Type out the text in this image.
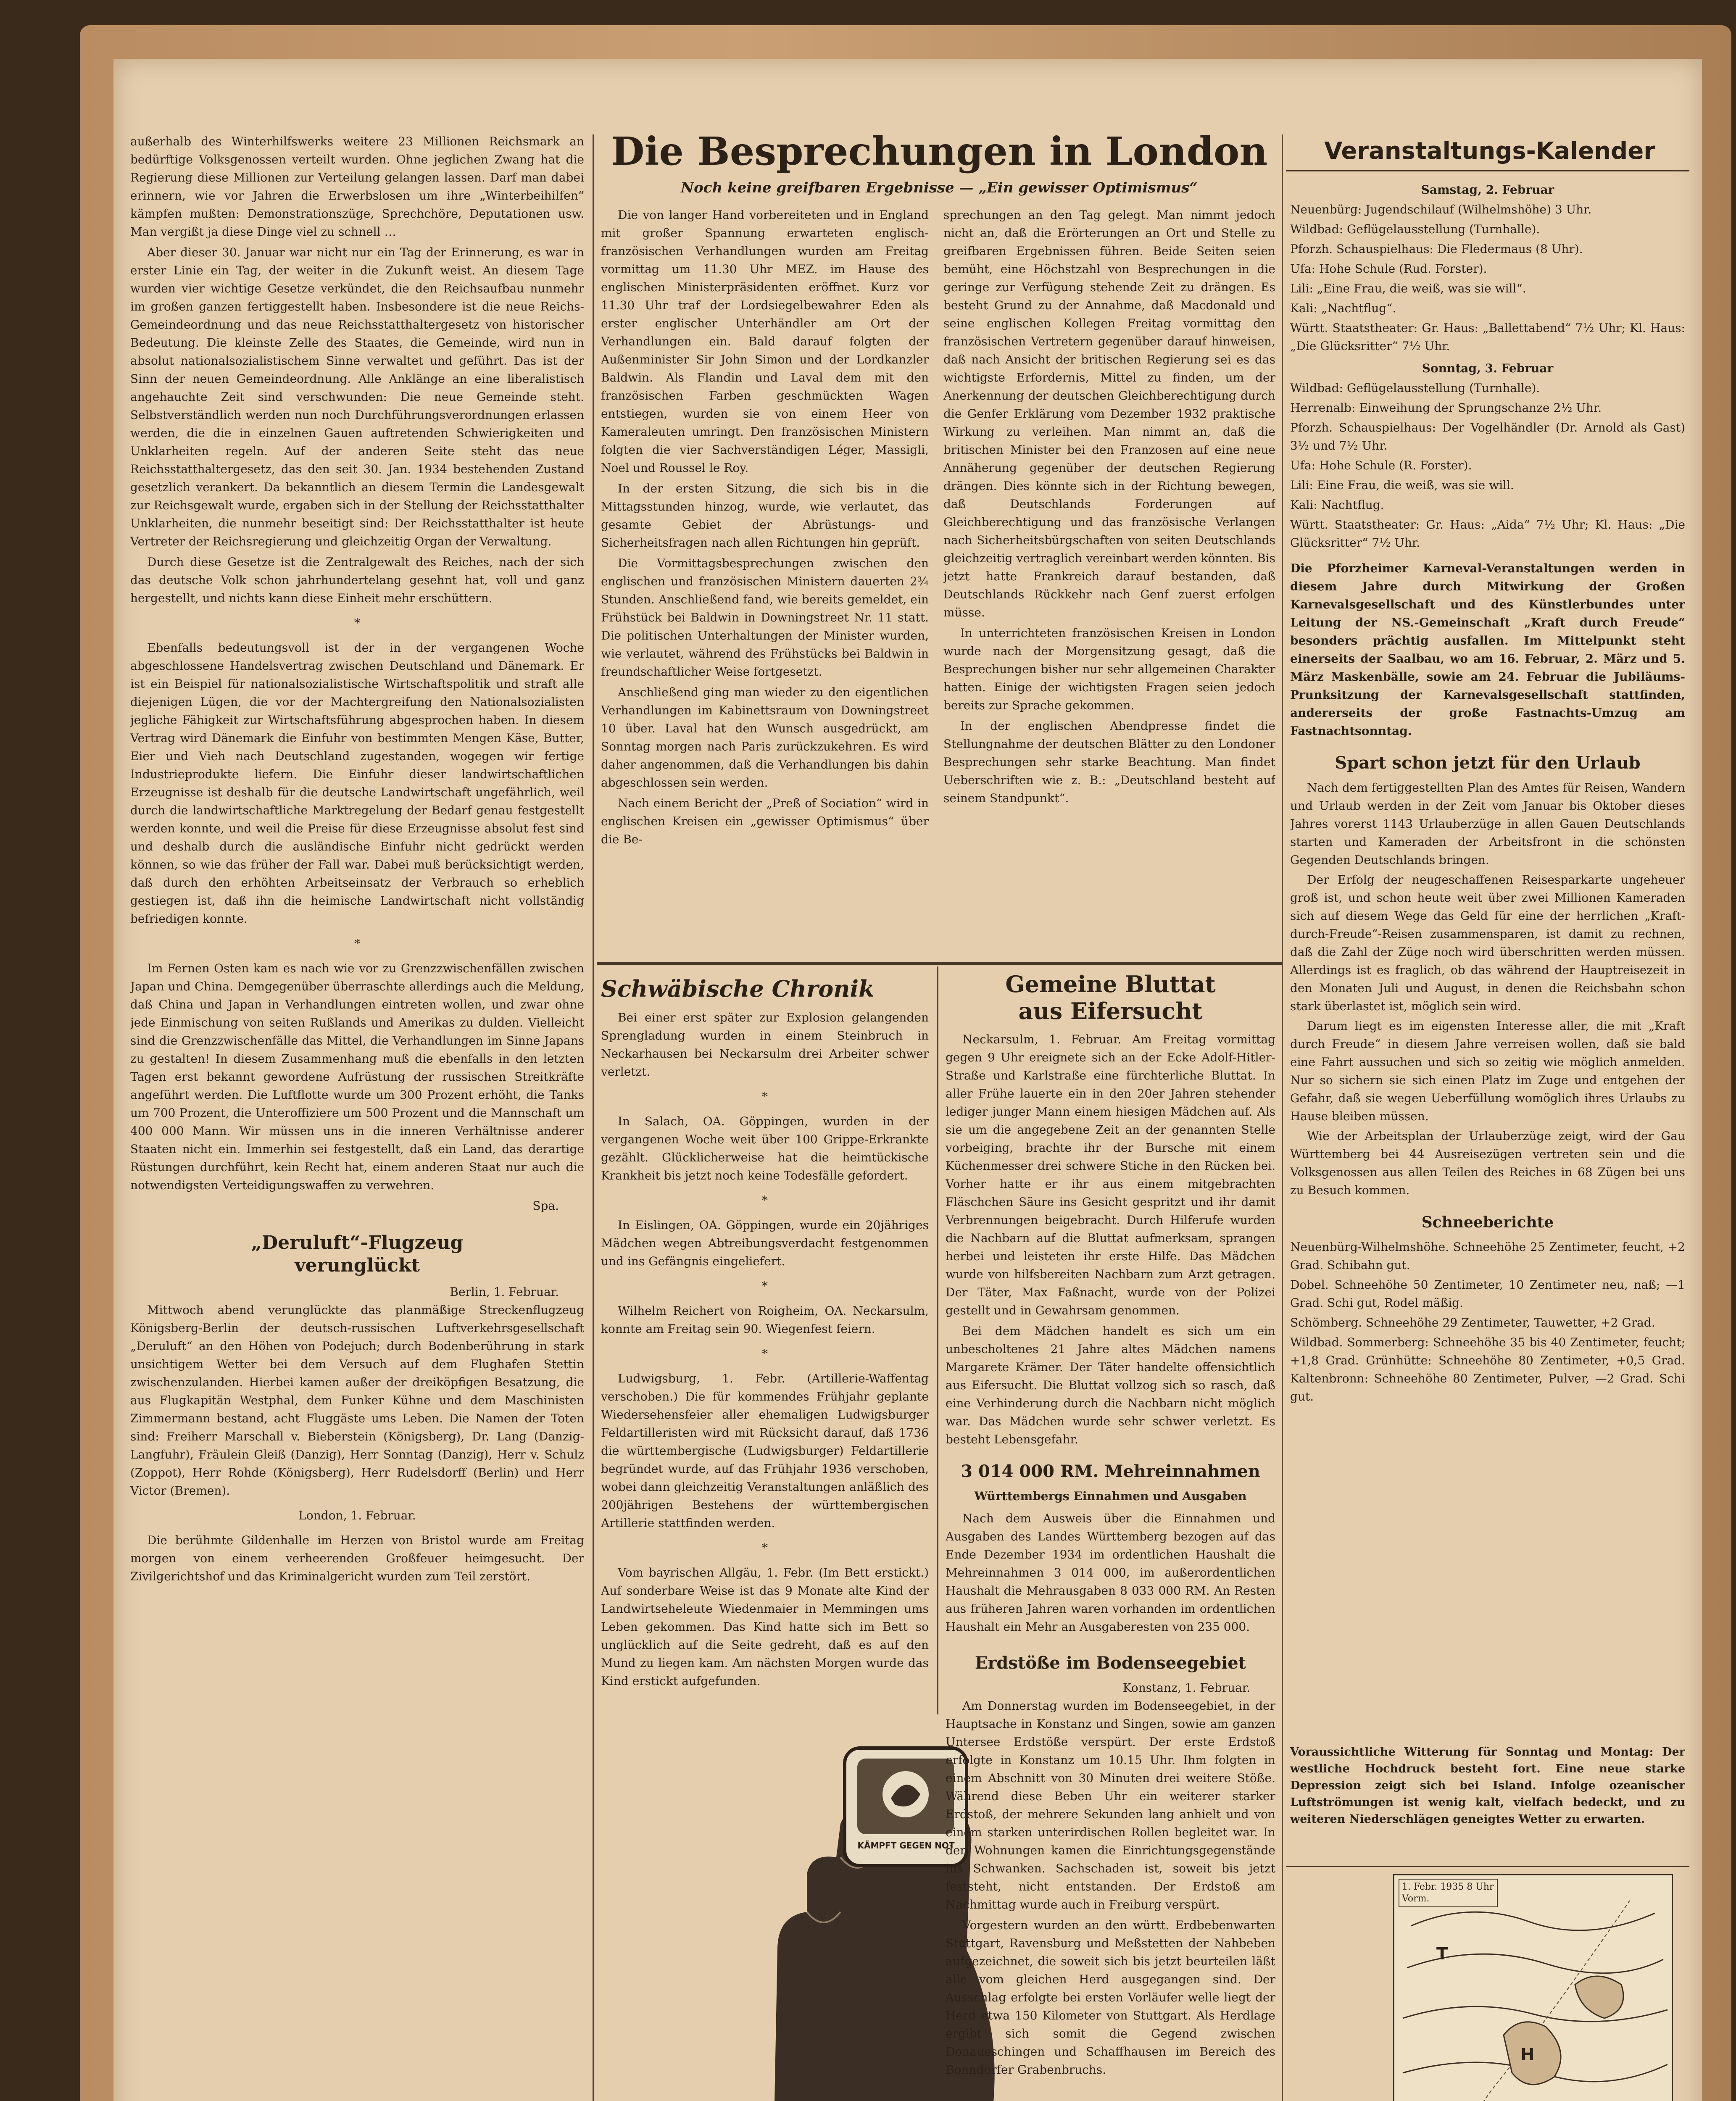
außerhalb des Winterhilfswerks weitere 23 Millionen Reichsmark an bedürftige Volksgenossen verteilt wurden. Ohne jeglichen Zwang hat die Regierung diese Millionen zur Verteilung gelangen lassen. Darf man dabei erinnern, wie vor Jahren die Erwerbslosen um ihre „Winterbeihilfen“ kämpfen mußten: Demonstrationszüge, Sprechchöre, Deputationen usw. Man vergißt ja diese Dinge viel zu schnell …

Aber dieser 30. Januar war nicht nur ein Tag der Erinnerung, es war in erster Linie ein Tag, der weiter in die Zukunft weist. An diesem Tage wurden vier wichtige Gesetze verkündet, die den Reichsaufbau nunmehr im großen ganzen fertiggestellt haben. Insbesondere ist die neue Reichs-Gemeindeordnung und das neue Reichsstatthaltergesetz von historischer Bedeutung. Die kleinste Zelle des Staates, die Gemeinde, wird nun in absolut nationalsozialistischem Sinne verwaltet und geführt. Das ist der Sinn der neuen Gemeindeordnung. Alle Anklänge an eine liberalistisch angehauchte Zeit sind verschwunden: Die neue Gemeinde steht. Selbstverständlich werden nun noch Durchführungsverordnungen erlassen werden, die die in einzelnen Gauen auftretenden Schwierigkeiten und Unklarheiten regeln. Auf der anderen Seite steht das neue Reichsstatthaltergesetz, das den seit 30. Jan. 1934 bestehenden Zustand gesetzlich verankert. Da bekanntlich an diesem Termin die Landesgewalt zur Reichsgewalt wurde, ergaben sich in der Stellung der Reichsstatthalter Unklarheiten, die nunmehr beseitigt sind: Der Reichsstatthalter ist heute Vertreter der Reichsregierung und gleichzeitig Organ der Verwaltung.

Durch diese Gesetze ist die Zentralgewalt des Reiches, nach der sich das deutsche Volk schon jahrhundertelang gesehnt hat, voll und ganz hergestellt, und nichts kann diese Einheit mehr erschüttern.

*

Ebenfalls bedeutungsvoll ist der in der vergangenen Woche abgeschlossene Handelsvertrag zwischen Deutschland und Dänemark. Er ist ein Beispiel für nationalsozialistische Wirtschaftspolitik und straft alle diejenigen Lügen, die vor der Machtergreifung den Nationalsozialisten jegliche Fähigkeit zur Wirtschaftsführung abgesprochen haben. In diesem Vertrag wird Dänemark die Einfuhr von bestimmten Mengen Käse, Butter, Eier und Vieh nach Deutschland zugestanden, wogegen wir fertige Industrieprodukte liefern. Die Einfuhr dieser landwirtschaftlichen Erzeugnisse ist deshalb für die deutsche Landwirtschaft ungefährlich, weil durch die landwirtschaftliche Marktregelung der Bedarf genau festgestellt werden konnte, und weil die Preise für diese Erzeugnisse absolut fest sind und deshalb durch die ausländische Einfuhr nicht gedrückt werden können, so wie das früher der Fall war. Dabei muß berücksichtigt werden, daß durch den erhöhten Arbeitseinsatz der Verbrauch so erheblich gestiegen ist, daß ihn die heimische Landwirtschaft nicht vollständig befriedigen konnte.

*

Im Fernen Osten kam es nach wie vor zu Grenzzwischenfällen zwischen Japan und China. Demgegenüber überraschte allerdings auch die Meldung, daß China und Japan in Verhandlungen eintreten wollen, und zwar ohne jede Einmischung von seiten Rußlands und Amerikas zu dulden. Vielleicht sind die Grenzzwischenfälle das Mittel, die Verhandlungen im Sinne Japans zu gestalten! In diesem Zusammenhang muß die ebenfalls in den letzten Tagen erst bekannt gewordene Aufrüstung der russischen Streitkräfte angeführt werden. Die Luftflotte wurde um 300 Prozent erhöht, die Tanks um 700 Prozent, die Unteroffiziere um 500 Prozent und die Mannschaft um 400 000 Mann. Wir müssen uns in die inneren Verhältnisse anderer Staaten nicht ein. Immerhin sei festgestellt, daß ein Land, das derartige Rüstungen durchführt, kein Recht hat, einem anderen Staat nur auch die notwendigsten Verteidigungswaffen zu verwehren.

Spa.
„Deruluft“-Flugzeug verunglückt
Berlin, 1. Februar.

Mittwoch abend verunglückte das planmäßige Streckenflugzeug Königsberg-Berlin der deutsch-russischen Luftverkehrsgesellschaft „Deruluft“ an den Höhen von Podejuch; durch Bodenberührung in stark unsichtigem Wetter bei dem Versuch auf dem Flughafen Stettin zwischenzulanden. Hierbei kamen außer der dreiköpfigen Besatzung, die aus Flugkapitän Westphal, dem Funker Kühne und dem Maschinisten Zimmermann bestand, acht Fluggäste ums Leben. Die Namen der Toten sind: Freiherr Marschall v. Bieberstein (Königsberg), Dr. Lang (Danzig-Langfuhr), Fräulein Gleiß (Danzig), Herr Sonntag (Danzig), Herr v. Schulz (Zoppot), Herr Rohde (Königsberg), Herr Rudelsdorff (Berlin) und Herr Victor (Bremen).

London, 1. Februar.

Die berühmte Gildenhalle im Herzen von Bristol wurde am Freitag morgen von einem verheerenden Großfeuer heimgesucht. Der Zivilgerichtshof und das Kriminalgericht wurden zum Teil zerstört.

Die Besprechungen in London
Noch keine greifbaren Ergebnisse — „Ein gewisser Optimismus“

Die von langer Hand vorbereiteten und in England mit großer Spannung erwarteten englisch-französischen Verhandlungen wurden am Freitag vormittag um 11.30 Uhr MEZ. im Hause des englischen Ministerpräsidenten eröffnet. Kurz vor 11.30 Uhr traf der Lordsiegelbewahrer Eden als erster englischer Unterhändler am Ort der Verhandlungen ein. Bald darauf folgten der Außenminister Sir John Simon und der Lordkanzler Baldwin. Als Flandin und Laval dem mit den französischen Farben geschmückten Wagen entstiegen, wurden sie von einem Heer von Kameraleuten umringt. Den französischen Ministern folgten die vier Sachverständigen Léger, Massigli, Noel und Roussel le Roy.

In der ersten Sitzung, die sich bis in die Mittagsstunden hinzog, wurde, wie verlautet, das gesamte Gebiet der Abrüstungs- und Sicherheitsfragen nach allen Richtungen hin geprüft.

Die Vormittagsbesprechungen zwischen den englischen und französischen Ministern dauerten 2¾ Stunden. Anschließend fand, wie bereits gemeldet, ein Frühstück bei Baldwin in Downingstreet Nr. 11 statt. Die politischen Unterhaltungen der Minister wurden, wie verlautet, während des Frühstücks bei Baldwin in freundschaftlicher Weise fortgesetzt.

Anschließend ging man wieder zu den eigentlichen Verhandlungen im Kabinettsraum von Downingstreet 10 über. Laval hat den Wunsch ausgedrückt, am Sonntag morgen nach Paris zurückzukehren. Es wird daher angenommen, daß die Verhandlungen bis dahin abgeschlossen sein werden.

Nach einem Bericht der „Preß of Sociation“ wird in englischen Kreisen ein „gewisser Optimismus“ über die Be-

sprechungen an den Tag gelegt. Man nimmt jedoch nicht an, daß die Erörterungen an Ort und Stelle zu greifbaren Ergebnissen führen. Beide Seiten seien bemüht, eine Höchstzahl von Besprechungen in die geringe zur Verfügung stehende Zeit zu drängen. Es besteht Grund zu der Annahme, daß Macdonald und seine englischen Kollegen Freitag vormittag den französischen Vertretern gegenüber darauf hinweisen, daß nach Ansicht der britischen Regierung sei es das wichtigste Erfordernis, Mittel zu finden, um der Anerkennung der deutschen Gleichberechtigung durch die Genfer Erklärung vom Dezember 1932 praktische Wirkung zu verleihen. Man nimmt an, daß die britischen Minister bei den Franzosen auf eine neue Annäherung gegenüber der deutschen Regierung drängen. Dies könnte sich in der Richtung bewegen, daß Deutschlands Forderungen auf Gleichberechtigung und das französische Verlangen nach Sicherheitsbürgschaften von seiten Deutschlands gleichzeitig vertraglich vereinbart werden könnten. Bis jetzt hatte Frankreich darauf bestanden, daß Deutschlands Rückkehr nach Genf zuerst erfolgen müsse.

In unterrichteten französischen Kreisen in London wurde nach der Morgensitzung gesagt, daß die Besprechungen bisher nur sehr allgemeinen Charakter hatten. Einige der wichtigsten Fragen seien jedoch bereits zur Sprache gekommen.

In der englischen Abendpresse findet die Stellungnahme der deutschen Blätter zu den Londoner Besprechungen sehr starke Beachtung. Man findet Ueberschriften wie z. B.: „Deutschland besteht auf seinem Standpunkt“.

Schwäbische Chronik

Bei einer erst später zur Explosion gelangenden Sprengladung wurden in einem Steinbruch in Neckarhausen bei Neckarsulm drei Arbeiter schwer verletzt.

*

In Salach, OA. Göppingen, wurden in der vergangenen Woche weit über 100 Grippe-Erkrankte gezählt. Glücklicherweise hat die heimtückische Krankheit bis jetzt noch keine Todesfälle gefordert.

*

In Eislingen, OA. Göppingen, wurde ein 20jähriges Mädchen wegen Abtreibungsverdacht festgenommen und ins Gefängnis eingeliefert.

*

Wilhelm Reichert von Roigheim, OA. Neckarsulm, konnte am Freitag sein 90. Wiegenfest feiern.

*

Ludwigsburg, 1. Febr. (Artillerie-Waffentag verschoben.) Die für kommendes Frühjahr geplante Wiedersehensfeier aller ehemaligen Ludwigsburger Feldartilleristen wird mit Rücksicht darauf, daß 1736 die württembergische (Ludwigsburger) Feldartillerie begründet wurde, auf das Frühjahr 1936 verschoben, wobei dann gleichzeitig Veranstaltungen anläßlich des 200jährigen Bestehens der württembergischen Artillerie stattfinden werden.

*

Vom bayrischen Allgäu, 1. Febr. (Im Bett erstickt.) Auf sonderbare Weise ist das 9 Monate alte Kind der Landwirtseheleute Wiedenmaier in Memmingen ums Leben gekommen. Das Kind hatte sich im Bett so unglücklich auf die Seite gedreht, daß es auf den Mund zu liegen kam. Am nächsten Morgen wurde das Kind erstickt aufgefunden.

KÄMPFT GEGEN NOT
Gemeine Bluttat aus Eifersucht

Neckarsulm, 1. Februar. Am Freitag vormittag gegen 9 Uhr ereignete sich an der Ecke Adolf-Hitler-Straße und Karlstraße eine fürchterliche Bluttat. In aller Frühe lauerte ein in den 20er Jahren stehender lediger junger Mann einem hiesigen Mädchen auf. Als sie um die angegebene Zeit an der genannten Stelle vorbeiging, brachte ihr der Bursche mit einem Küchenmesser drei schwere Stiche in den Rücken bei. Vorher hatte er ihr aus einem mitgebrachten Fläschchen Säure ins Gesicht gespritzt und ihr damit Verbrennungen beigebracht. Durch Hilferufe wurden die Nachbarn auf die Bluttat aufmerksam, sprangen herbei und leisteten ihr erste Hilfe. Das Mädchen wurde von hilfsbereiten Nachbarn zum Arzt getragen. Der Täter, Max Faßnacht, wurde von der Polizei gestellt und in Gewahrsam genommen.

Bei dem Mädchen handelt es sich um ein unbescholtenes 21 Jahre altes Mädchen namens Margarete Krämer. Der Täter handelte offensichtlich aus Eifersucht. Die Bluttat vollzog sich so rasch, daß eine Verhinderung durch die Nachbarn nicht möglich war. Das Mädchen wurde sehr schwer verletzt. Es besteht Lebensgefahr.

3 014 000 RM. Mehreinnahmen
Württembergs Einnahmen und Ausgaben

Nach dem Ausweis über die Einnahmen und Ausgaben des Landes Württemberg bezogen auf das Ende Dezember 1934 im ordentlichen Haushalt die Mehreinnahmen 3 014 000, im außerordentlichen Haushalt die Mehrausgaben 8 033 000 RM. An Resten aus früheren Jahren waren vorhanden im ordentlichen Haushalt ein Mehr an Ausgaberesten von 235 000.

Erdstöße im Bodenseegebiet
Konstanz, 1. Februar.

Am Donnerstag wurden im Bodenseegebiet, in der Hauptsache in Konstanz und Singen, sowie am ganzen Untersee Erdstöße verspürt. Der erste Erdstoß erfolgte in Konstanz um 10.15 Uhr. Ihm folgten in einem Abschnitt von 30 Minuten drei weitere Stöße. Während diese Beben Uhr ein weiterer starker Erdstoß, der mehrere Sekunden lang anhielt und von einem starken unterirdischen Rollen begleitet war. In den Wohnungen kamen die Einrichtungsgegenstände ins Schwanken. Sachschaden ist, soweit bis jetzt feststeht, nicht entstanden. Der Erdstoß am Nachmittag wurde auch in Freiburg verspürt.

Vorgestern wurden an den württ. Erdbebenwarten Stuttgart, Ravensburg und Meßstetten der Nahbeben aufgezeichnet, die soweit sich bis jetzt beurteilen läßt alle vom gleichen Herd ausgegangen sind. Der Ausschlag erfolgte bei ersten Vorläufer welle liegt der Herd etwa 150 Kilometer von Stuttgart. Als Herdlage ergibt sich somit die Gegend zwischen Donaueschingen und Schaffhausen im Bereich des Bonndorfer Grabenbruchs.

Veranstaltungs-Kalender
Samstag, 2. Februar

Neuenbürg: Jugendschilauf (Wilhelmshöhe) 3 Uhr.

Wildbad: Geflügelausstellung (Turnhalle).

Pforzh. Schauspielhaus: Die Fledermaus (8 Uhr).

Ufa: Hohe Schule (Rud. Forster).

Lili: „Eine Frau, die weiß, was sie will“.

Kali: „Nachtflug“.

Württ. Staatstheater: Gr. Haus: „Ballettabend“ 7½ Uhr; Kl. Haus: „Die Glücksritter“ 7½ Uhr.

Sonntag, 3. Februar

Wildbad: Geflügelausstellung (Turnhalle).

Herrenalb: Einweihung der Sprungschanze 2½ Uhr.

Pforzh. Schauspielhaus: Der Vogelhändler (Dr. Arnold als Gast) 3½ und 7½ Uhr.

Ufa: Hohe Schule (R. Forster).

Lili: Eine Frau, die weiß, was sie will.

Kali: Nachtflug.

Württ. Staatstheater: Gr. Haus: „Aida“ 7½ Uhr; Kl. Haus: „Die Glücksritter“ 7½ Uhr.

Die Pforzheimer Karneval-Veranstaltungen werden in diesem Jahre durch Mitwirkung der Großen Karnevalsgesellschaft und des Künstlerbundes unter Leitung der NS.-Gemeinschaft „Kraft durch Freude“ besonders prächtig ausfallen. Im Mittelpunkt steht einerseits der Saalbau, wo am 16. Februar, 2. März und 5. März Maskenbälle, sowie am 24. Februar die Jubiläums-Prunksitzung der Karnevalsgesellschaft stattfinden, andererseits der große Fastnachts-Umzug am Fastnachtsonntag.

Spart schon jetzt für den Urlaub

Nach dem fertiggestellten Plan des Amtes für Reisen, Wandern und Urlaub werden in der Zeit vom Januar bis Oktober dieses Jahres vorerst 1143 Urlauberzüge in allen Gauen Deutschlands starten und Kameraden der Arbeitsfront in die schönsten Gegenden Deutschlands bringen.

Der Erfolg der neugeschaffenen Reisesparkarte ungeheuer groß ist, und schon heute weit über zwei Millionen Kameraden sich auf diesem Wege das Geld für eine der herrlichen „Kraft-durch-Freude“-Reisen zusammensparen, ist damit zu rechnen, daß die Zahl der Züge noch wird überschritten werden müssen. Allerdings ist es fraglich, ob das während der Hauptreisezeit in den Monaten Juli und August, in denen die Reichsbahn schon stark überlastet ist, möglich sein wird.

Darum liegt es im eigensten Interesse aller, die mit „Kraft durch Freude“ in diesem Jahre verreisen wollen, daß sie bald eine Fahrt aussuchen und sich so zeitig wie möglich anmelden. Nur so sichern sie sich einen Platz im Zuge und entgehen der Gefahr, daß sie wegen Ueberfüllung womöglich ihres Urlaubs zu Hause bleiben müssen.

Wie der Arbeitsplan der Urlauberzüge zeigt, wird der Gau Württemberg bei 44 Ausreisezügen vertreten sein und die Volksgenossen aus allen Teilen des Reiches in 68 Zügen bei uns zu Besuch kommen.

Schneeberichte

Neuenbürg-Wilhelmshöhe. Schneehöhe 25 Zentimeter, feucht, +2 Grad. Schibahn gut.

Dobel. Schneehöhe 50 Zentimeter, 10 Zentimeter neu, naß; —1 Grad. Schi gut, Rodel mäßig.

Schömberg. Schneehöhe 29 Zentimeter, Tauwetter, +2 Grad.

Wildbad. Sommerberg: Schneehöhe 35 bis 40 Zentimeter, feucht; +1,8 Grad. Grünhütte: Schneehöhe 80 Zentimeter, +0,5 Grad. Kaltenbronn: Schneehöhe 80 Zentimeter, Pulver, —2 Grad. Schi gut.

Voraussichtliche Witterung für Sonntag und Montag: Der westliche Hochdruck besteht fort. Eine neue starke Depression zeigt sich bei Island. Infolge ozeanischer Luftströmungen ist wenig kalt, vielfach bedeckt, und zu weiteren Niederschlägen geneigtes Wetter zu erwarten.

H
T
1. Febr. 1935 8 Uhr Vorm.
